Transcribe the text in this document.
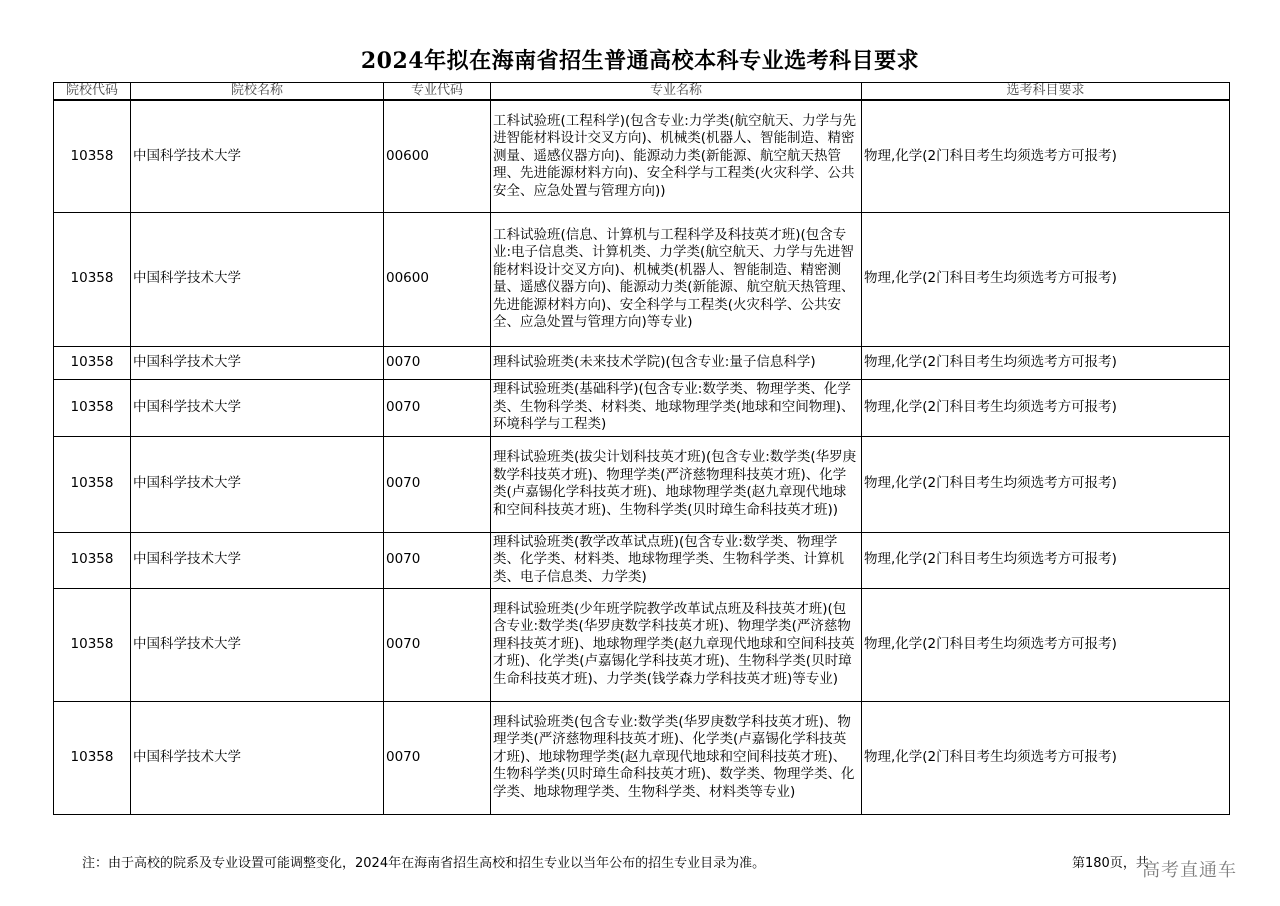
2024年拟在海南省招生普通高校本科专业选考科目要求
院校代码	院校名称	专业代码	专业名称	选考科目要求
10358	中国科学技术大学	00600	工科试验班(工程科学)(包含专业:力学类(航空航天、力学与先进智能材料设计交叉方向)、机械类(机器人、智能制造、精密测量、遥感仪器方向)、能源动力类(新能源、航空航天热管理、先进能源材料方向)、安全科学与工程类(火灾科学、公共安全、应急处置与管理方向))	物理,化学(2门科目考生均须选考方可报考)
10358	中国科学技术大学	00600	工科试验班(信息、计算机与工程科学及科技英才班)(包含专业:电子信息类、计算机类、力学类(航空航天、力学与先进智能材料设计交叉方向)、机械类(机器人、智能制造、精密测量、遥感仪器方向)、能源动力类(新能源、航空航天热管理、先进能源材料方向)、安全科学与工程类(火灾科学、公共安全、应急处置与管理方向)等专业)	物理,化学(2门科目考生均须选考方可报考)
10358	中国科学技术大学	0070	理科试验班类(未来技术学院)(包含专业:量子信息科学)	物理,化学(2门科目考生均须选考方可报考)
10358	中国科学技术大学	0070	理科试验班类(基础科学)(包含专业:数学类、物理学类、化学类、生物科学类、材料类、地球物理学类(地球和空间物理)、环境科学与工程类)	物理,化学(2门科目考生均须选考方可报考)
10358	中国科学技术大学	0070	理科试验班类(拔尖计划科技英才班)(包含专业:数学类(华罗庚数学科技英才班)、物理学类(严济慈物理科技英才班)、化学类(卢嘉锡化学科技英才班)、地球物理学类(赵九章现代地球和空间科技英才班)、生物科学类(贝时璋生命科技英才班))	物理,化学(2门科目考生均须选考方可报考)
10358	中国科学技术大学	0070	理科试验班类(教学改革试点班)(包含专业:数学类、物理学类、化学类、材料类、地球物理学类、生物科学类、计算机类、电子信息类、力学类)	物理,化学(2门科目考生均须选考方可报考)
10358	中国科学技术大学	0070	理科试验班类(少年班学院教学改革试点班及科技英才班)(包含专业:数学类(华罗庚数学科技英才班)、物理学类(严济慈物理科技英才班)、地球物理学类(赵九章现代地球和空间科技英才班)、化学类(卢嘉锡化学科技英才班)、生物科学类(贝时璋生命科技英才班)、力学类(钱学森力学科技英才班)等专业)	物理,化学(2门科目考生均须选考方可报考)
10358	中国科学技术大学	0070	理科试验班类(包含专业:数学类(华罗庚数学科技英才班)、物理学类(严济慈物理科技英才班)、化学类(卢嘉锡化学科技英才班)、地球物理学类(赵九章现代地球和空间科技英才班)、生物科学类(贝时璋生命科技英才班)、数学类、物理学类、化学类、地球物理学类、生物科学类、材料类等专业)	物理,化学(2门科目考生均须选考方可报考)
注：由于高校的院系及专业设置可能调整变化，2024年在海南省招生高校和招生专业以当年公布的招生专业目录为准。	第180页，共
高考直通车
